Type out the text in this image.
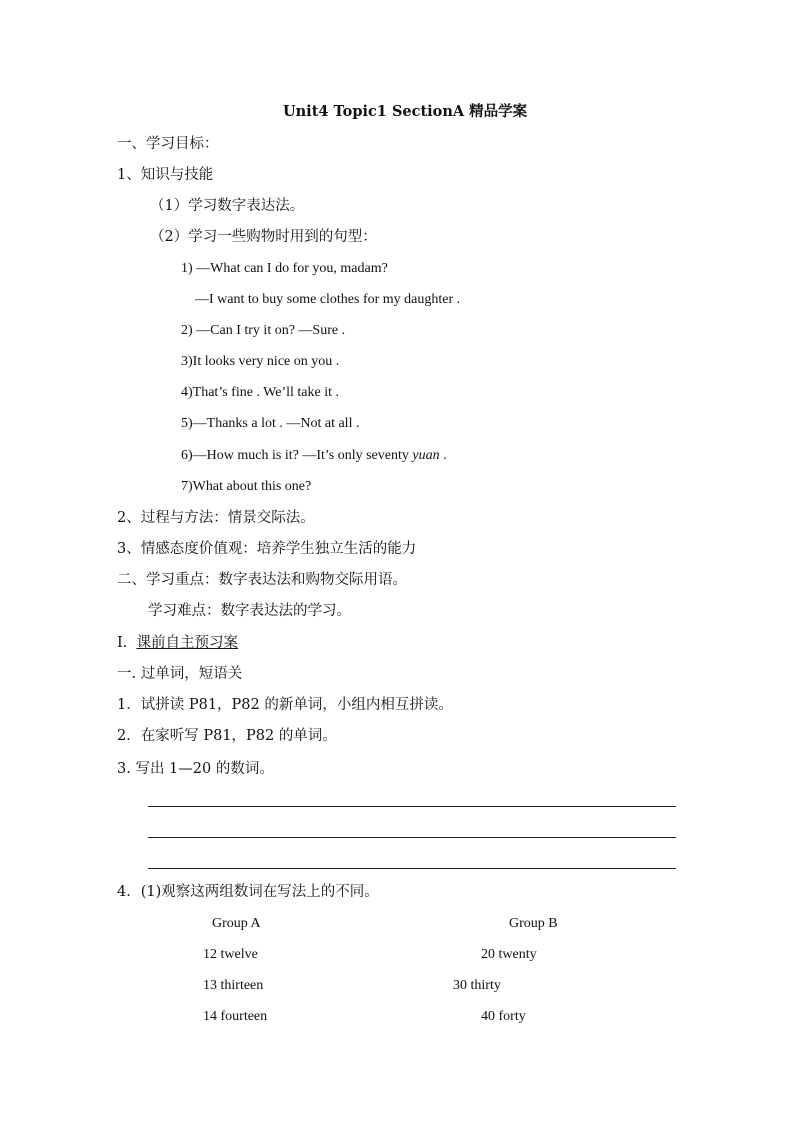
Unit4 Topic1 SectionA 精品学案
一、学习目标：
1、知识与技能
（1）学习数字表达法。
（2）学习一些购物时用到的句型：
1) —What can I do for you, madam?
—I want to buy some clothes for my daughter .
2) —Can I try it on? —Sure .
3)It looks very nice on you .
4)That’s fine . We’ll take it .
5)—Thanks a lot . —Not at all .
6)—How much is it? —It’s only seventy yuan .
7)What about this one?
2、过程与方法：情景交际法。
3、情感态度价值观：培养学生独立生活的能力
二、学习重点：数字表达法和购物交际用语。
学习难点：数字表达法的学习。
I. 课前自主预习案
一. 过单词，短语关
1．试拼读 P81，P82 的新单词，小组内相互拼读。
2．在家听写 P81，P82 的单词。
3. 写出 1—20 的数词。
4．(1)观察这两组数词在写法上的不同。
Group A	Group B
12 twelve	20 twenty
13 thirteen	30 thirty
14 fourteen	40 forty
